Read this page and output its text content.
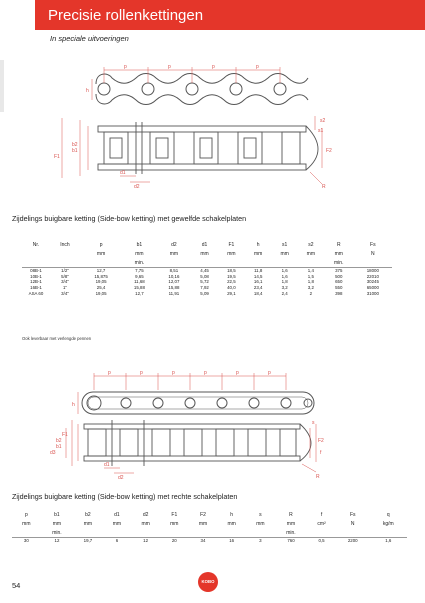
Precisie rollenkettingen
In speciale uitvoeringen
p	p	p	p
h
b2
b1
F1
s2
s1
F2
d1
d2	R
Zijdelings buigbare ketting (Side-bow ketting) met gewelfde schakelplaten
Nr.	Inch	p	b1	d2	d1	F1	h	s1	s2	R	Fs
		mm	mm	mm	mm	mm	mm	mm	mm	mm	N
			min.							min.	
08B-1	1/2"	12,7	7,75	8,51	4,45	18,5	11,8	1,6	1,4	375	18000
10B-1	5/8"	15,875	9,65	10,16	5,08	19,5	14,5	1,6	1,5	500	22010
12B-1	3/4"	19,05	11,68	12,07	5,72	22,5	16,1	1,8	1,8	650	30245
16B-1	1"	25,4	15,88	15,88	7,92	40,0	23,4	3,2	3,2	550	65000
ASA 60	3/4"	19,05	12,7	11,91	5,09	29,1	18,4	2,4	2	398	31000
Ook leverbaar met verlengde pennen
p	p	p	p	p	p
h
b2
b1
d3
F1
F2
s
f
d1
d2	R
Zijdelings buigbare ketting (Side-bow ketting) met rechte schakelplaten
p	b1	b2	d1	d2	F1	F2	h	s	R	f	Fs	q
mm	mm	mm	mm	mm	mm	mm	mm	mm	mm	cm²	N	kg/m
	min.								min.			
30	12	19,7	6	12	20	34	16	3	760	0,5	2200	1,6
54	KOBO
